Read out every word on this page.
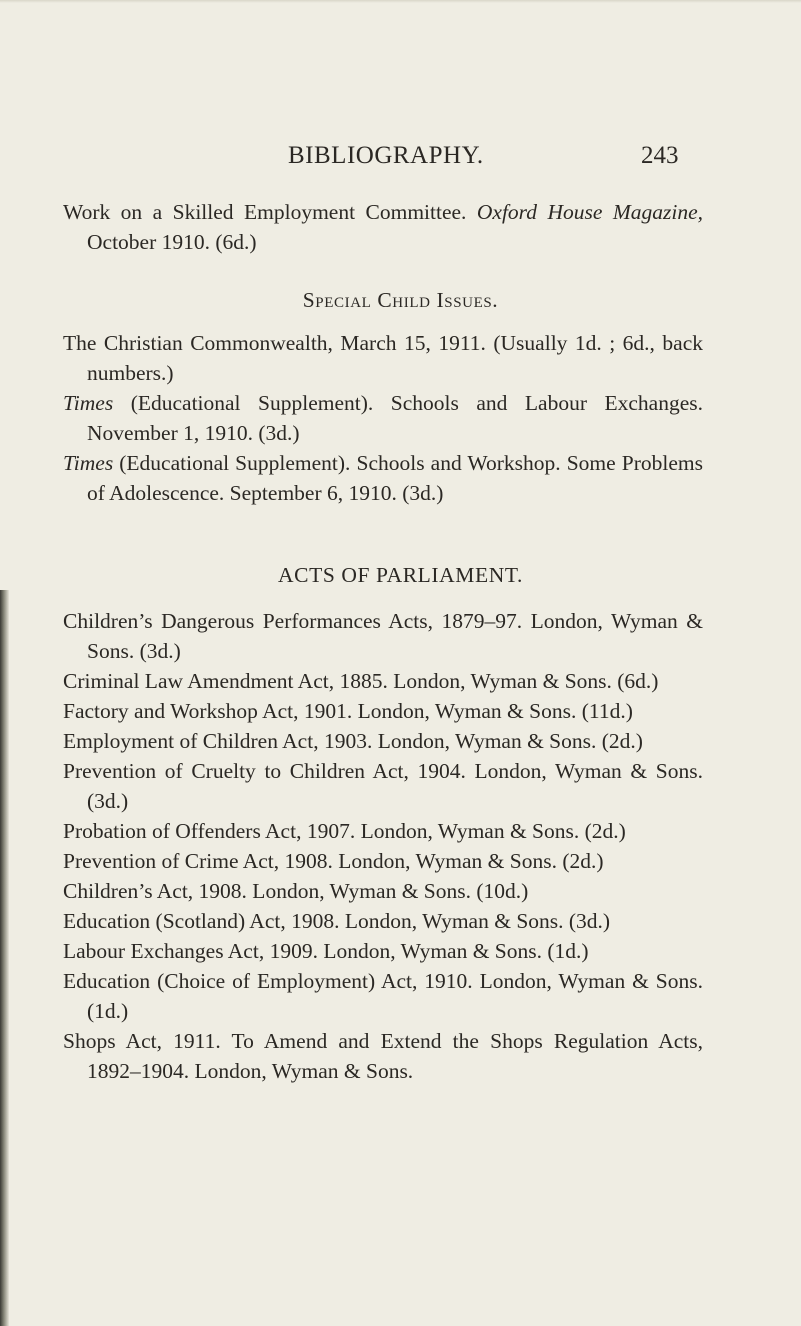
BIBLIOGRAPHY.	243
Work on a Skilled Employment Committee. Oxford House Magazine, October 1910. (6d.)
Special Child Issues.
The Christian Commonwealth, March 15, 1911. (Usually 1d. ; 6d., back numbers.)
Times (Educational Supplement). Schools and Labour Exchanges. November 1, 1910. (3d.)
Times (Educational Supplement). Schools and Workshop. Some Problems of Adolescence. September 6, 1910. (3d.)
ACTS OF PARLIAMENT.
Children’s Dangerous Performances Acts, 1879–97. London, Wyman & Sons. (3d.)
Criminal Law Amendment Act, 1885. London, Wyman & Sons. (6d.)
Factory and Workshop Act, 1901. London, Wyman & Sons. (11d.)
Employment of Children Act, 1903. London, Wyman & Sons. (2d.)
Prevention of Cruelty to Children Act, 1904. London, Wyman & Sons. (3d.)
Probation of Offenders Act, 1907. London, Wyman & Sons. (2d.)
Prevention of Crime Act, 1908. London, Wyman & Sons. (2d.)
Children’s Act, 1908. London, Wyman & Sons. (10d.)
Education (Scotland) Act, 1908. London, Wyman & Sons. (3d.)
Labour Exchanges Act, 1909. London, Wyman & Sons. (1d.)
Education (Choice of Employment) Act, 1910. London, Wyman & Sons. (1d.)
Shops Act, 1911. To Amend and Extend the Shops Regulation Acts, 1892–1904. London, Wyman & Sons.
